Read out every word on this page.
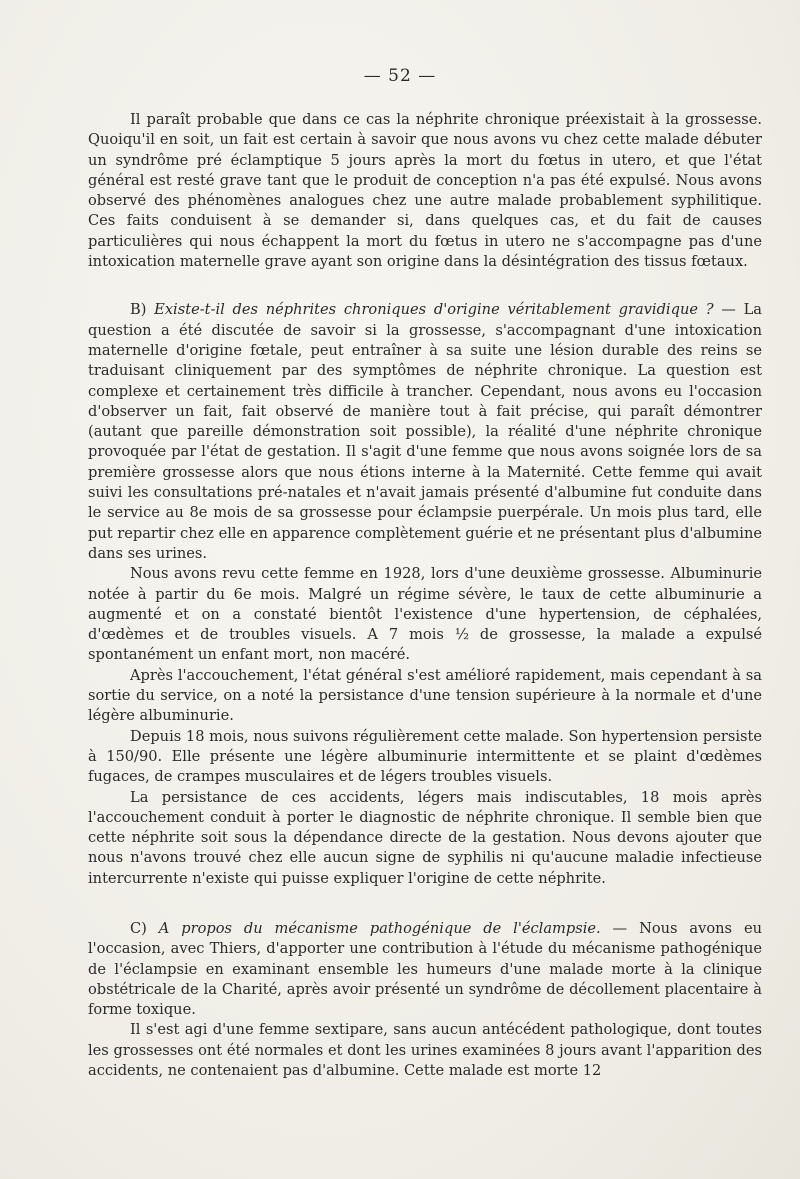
— 52 —

Il paraît probable que dans ce cas la néphrite chronique préexistait à la grossesse. Quoiqu'il en soit, un fait est certain à savoir que nous avons vu chez cette malade débuter un syndrôme pré éclamptique 5 jours après la mort du fœtus in utero, et que l'état général est resté grave tant que le produit de conception n'a pas été expulsé. Nous avons observé des phénomènes analogues chez une autre malade probablement syphilitique. Ces faits conduisent à se demander si, dans quelques cas, et du fait de causes particulières qui nous échappent la mort du fœtus in utero ne s'accompagne pas d'une intoxication maternelle grave ayant son origine dans la désintégration des tissus fœtaux.

B) Existe-t-il des néphrites chroniques d'origine véritablement gravidique ? — La question a été discutée de savoir si la grossesse, s'accompagnant d'une intoxication maternelle d'origine fœtale, peut entraîner à sa suite une lésion durable des reins se traduisant cliniquement par des symptômes de néphrite chronique. La question est complexe et certainement très difficile à trancher. Cependant, nous avons eu l'occasion d'observer un fait, fait observé de manière tout à fait précise, qui paraît démontrer (autant que pareille démonstration soit possible), la réalité d'une néphrite chronique provoquée par l'état de gestation. Il s'agit d'une femme que nous avons soignée lors de sa première grossesse alors que nous étions interne à la Maternité. Cette femme qui avait suivi les consultations pré-natales et n'avait jamais présenté d'albumine fut conduite dans le service au 8e mois de sa grossesse pour éclampsie puerpérale. Un mois plus tard, elle put repartir chez elle en apparence complètement guérie et ne présentant plus d'albumine dans ses urines.

Nous avons revu cette femme en 1928, lors d'une deuxième grossesse. Albuminurie notée à partir du 6e mois. Malgré un régime sévère, le taux de cette albuminurie a augmenté et on a constaté bientôt l'existence d'une hypertension, de céphalées, d'œdèmes et de troubles visuels. A 7 mois ½ de grossesse, la malade a expulsé spontanément un enfant mort, non macéré.

Après l'accouchement, l'état général s'est amélioré rapidement, mais cependant à sa sortie du service, on a noté la persistance d'une tension supérieure à la normale et d'une légère albuminurie.

Depuis 18 mois, nous suivons régulièrement cette malade. Son hypertension persiste à 150/90. Elle présente une légère albuminurie intermittente et se plaint d'œdèmes fugaces, de crampes musculaires et de légers troubles visuels.

La persistance de ces accidents, légers mais indiscutables, 18 mois après l'accouchement conduit à porter le diagnostic de néphrite chronique. Il semble bien que cette néphrite soit sous la dépendance directe de la gestation. Nous devons ajouter que nous n'avons trouvé chez elle aucun signe de syphilis ni qu'aucune maladie infectieuse intercurrente n'existe qui puisse expliquer l'origine de cette néphrite.

C) A propos du mécanisme pathogénique de l'éclampsie. — Nous avons eu l'occasion, avec Thiers, d'apporter une contribution à l'étude du mécanisme pathogénique de l'éclampsie en examinant ensemble les humeurs d'une malade morte à la clinique obstétricale de la Charité, après avoir présenté un syndrôme de décollement placentaire à forme toxique.

Il s'est agi d'une femme sextipare, sans aucun antécédent pathologique, dont toutes les grossesses ont été normales et dont les urines examinées 8 jours avant l'apparition des accidents, ne contenaient pas d'albumine. Cette malade est morte 12
